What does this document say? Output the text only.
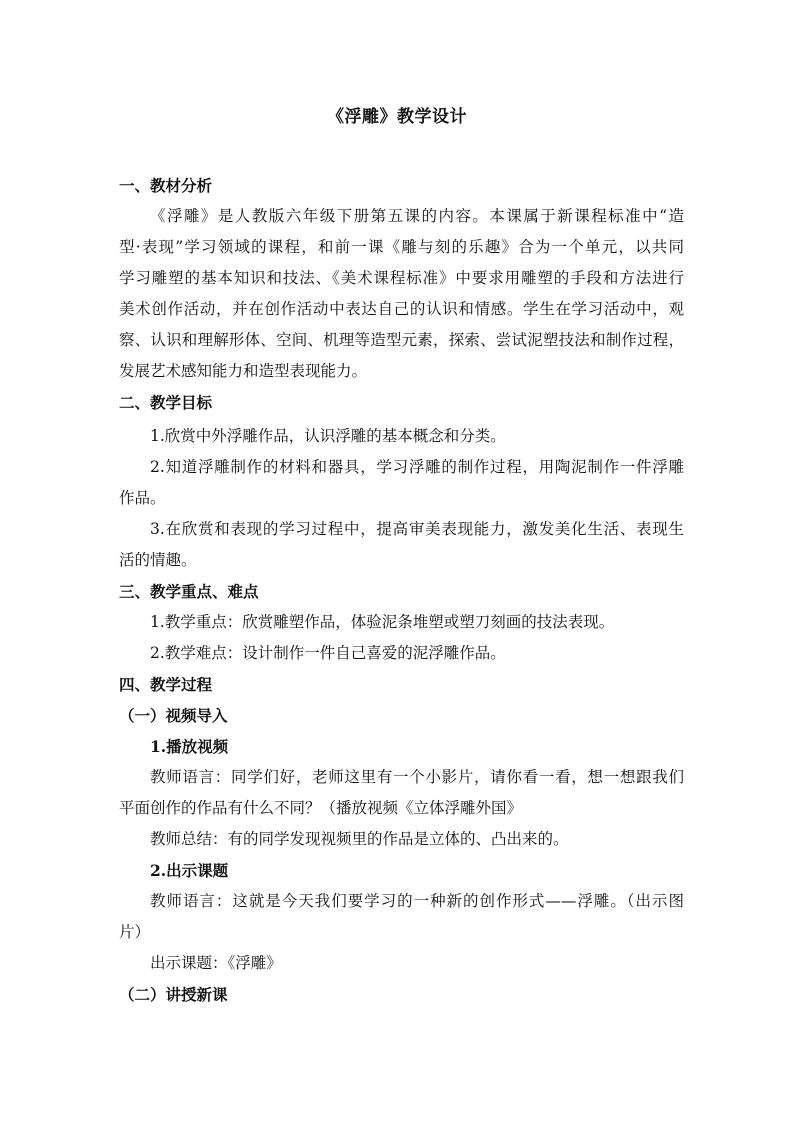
《浮雕》教学设计
一、教材分析
《浮雕》是人教版六年级下册第五课的内容。本课属于新课程标准中“造
型·表现”学习领域的课程，和前一课《雕与刻的乐趣》合为一个单元，以共同
学习雕塑的基本知识和技法、《美术课程标准》中要求用雕塑的手段和方法进行
美术创作活动，并在创作活动中表达自己的认识和情感。学生在学习活动中，观
察、认识和理解形体、空间、机理等造型元素，探索、尝试泥塑技法和制作过程，
发展艺术感知能力和造型表现能力。
二、教学目标
1.欣赏中外浮雕作品，认识浮雕的基本概念和分类。
2.知道浮雕制作的材料和器具，学习浮雕的制作过程，用陶泥制作一件浮雕
作品。
3.在欣赏和表现的学习过程中，提高审美表现能力，激发美化生活、表现生
活的情趣。
三、教学重点、难点
1.教学重点：欣赏雕塑作品，体验泥条堆塑或塑刀刻画的技法表现。
2.教学难点：设计制作一件自己喜爱的泥浮雕作品。
四、教学过程
（一）视频导入
1.播放视频
教师语言：同学们好，老师这里有一个小影片，请你看一看，想一想跟我们
平面创作的作品有什么不同？（播放视频《立体浮雕外国》
教师总结：有的同学发现视频里的作品是立体的、凸出来的。
2.出示课题
教师语言：这就是今天我们要学习的一种新的创作形式——浮雕。（出示图
片）
出示课题：《浮雕》
（二）讲授新课
